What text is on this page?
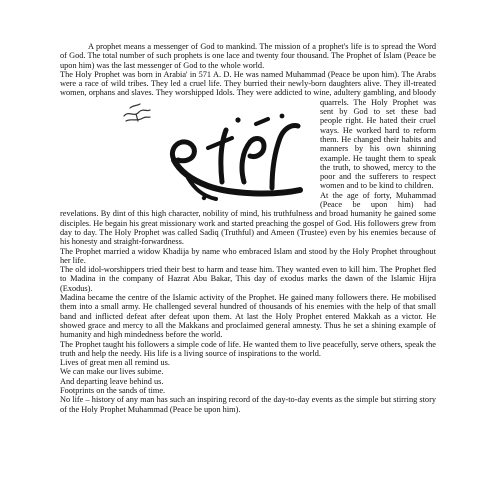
A prophet means a messenger of God to mankind. The mission of a prophet's life is to spread the Word of God. The total number of such prophets is one lace and twenty four thousand. The Prophet of Islam (Peace be upon him) was the last messenger of God to the whole world.

The Holy Prophet was born in Arabia' in 571 A. D. He was named Muhammad (Peace be upon him). The Arabs were a race of wild tribes. They led a cruel life. They burried their newly-born daughters alive. They ill-treated women, orphans and slaves. They worshipped Idols. They were addicted to wine, adultery gambling, and bloody quarrels. The Holy Prophet was sent by God to set these bad people right. He hated their cruel ways. He worked hard to reform them. He changed their habits and manners by his own shinning example. He taught them to speak the truth, to showed, mercy to the poor and the sufferers to respect women and to be kind to children.

At the age of forty, Muhammad (Peace be upon him) had revelations. By dint of this high character, nobility of mind, his truthfulness and broad humanity he gained some disciples. He begain his great missionary work and started preaching the gospel of God. His followers grew from day to day. The Holy Prophet was called Sadiq (Truthful) and Ameen (Trustee) even by his enemies because of his honesty and straight-forwardness.

The Prophet married a widow Khadija by name who embraced Islam and stood by the Holy Prophet throughout her life.

The old idol-worshippers tried their best to harm and tease him. They wanted even to kill him. The Prophet fled to Madina in the company of Hazrat Abu Bakar, This day of exodus marks the dawn of the Islamic Hijra (Exodus).

Madina became the centre of the Islamic activity of the Prophet. He gained many followers there. He mobilised them into a small army. He challenged several hundred of thousands of his enemies with the help of that small band and inflicted defeat after defeat upon them. At last the Holy Prophet entered Makkah as a victor. He showed grace and mercy to all the Makkans and proclaimed general amnesty. Thus he set a shining example of humanity and high mindedness before the world.

The Prophet taught his followers a simple code of life. He wanted them to live peacefully, serve others, speak the truth and help the needy. His life is a living source of inspirations to the world.

Lives of great men all remind us.

We can make our lives subime.

And departing leave behind us.

Footprints on the sands of time.

No life – history of any man has such an inspiring record of the day-to-day events as the simple but stirring story of the Holy Prophet Muhammad (Peace be upon him).
